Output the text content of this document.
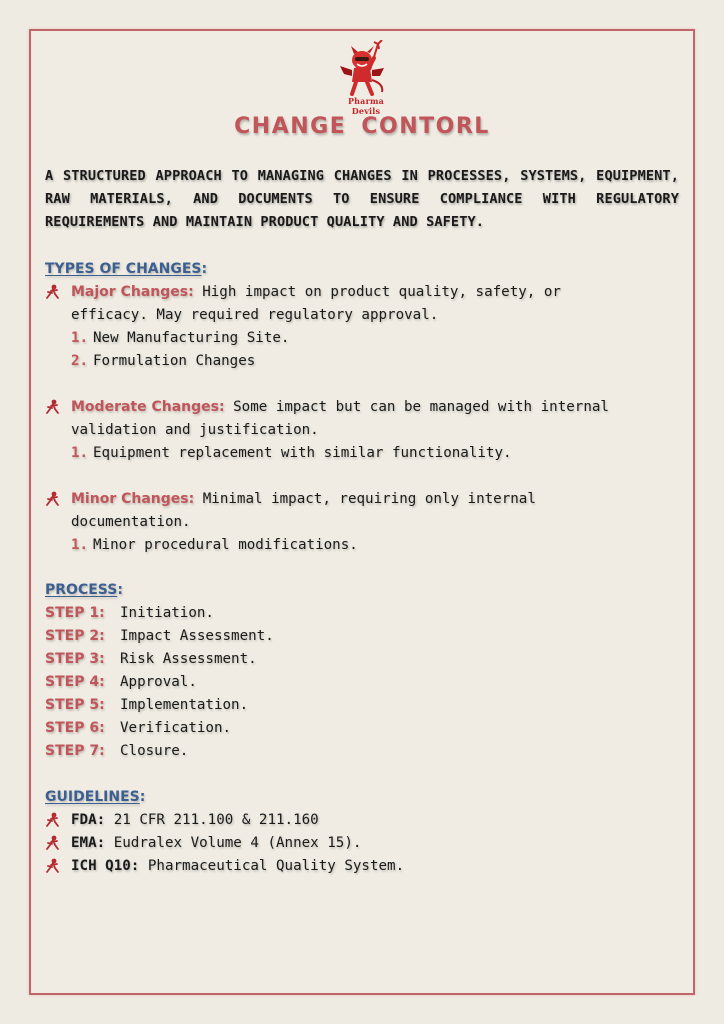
Pharma Devils
CHANGE CONTORL
A STRUCTURED APPROACH TO MANAGING CHANGES IN PROCESSES, SYSTEMS, EQUIPMENT, RAW MATERIALS, AND DOCUMENTS TO ENSURE COMPLIANCE WITH REGULATORY REQUIREMENTS AND MAINTAIN PRODUCT QUALITY AND SAFETY.
TYPES OF CHANGES:
Major Changes: High impact on product quality, safety, or
efficacy. May required regulatory approval.
1. New Manufacturing Site.
2. Formulation Changes
Moderate Changes: Some impact but can be managed with internal
validation and justification.
1. Equipment replacement with similar functionality.
Minor Changes: Minimal impact, requiring only internal
documentation.
1. Minor procedural modifications.
PROCESS:
STEP 1: Initiation.
STEP 2: Impact Assessment.
STEP 3: Risk Assessment.
STEP 4: Approval.
STEP 5: Implementation.
STEP 6: Verification.
STEP 7: Closure.
GUIDELINES:
FDA: 21 CFR 211.100 & 211.160
EMA: Eudralex Volume 4 (Annex 15).
ICH Q10: Pharmaceutical Quality System.
